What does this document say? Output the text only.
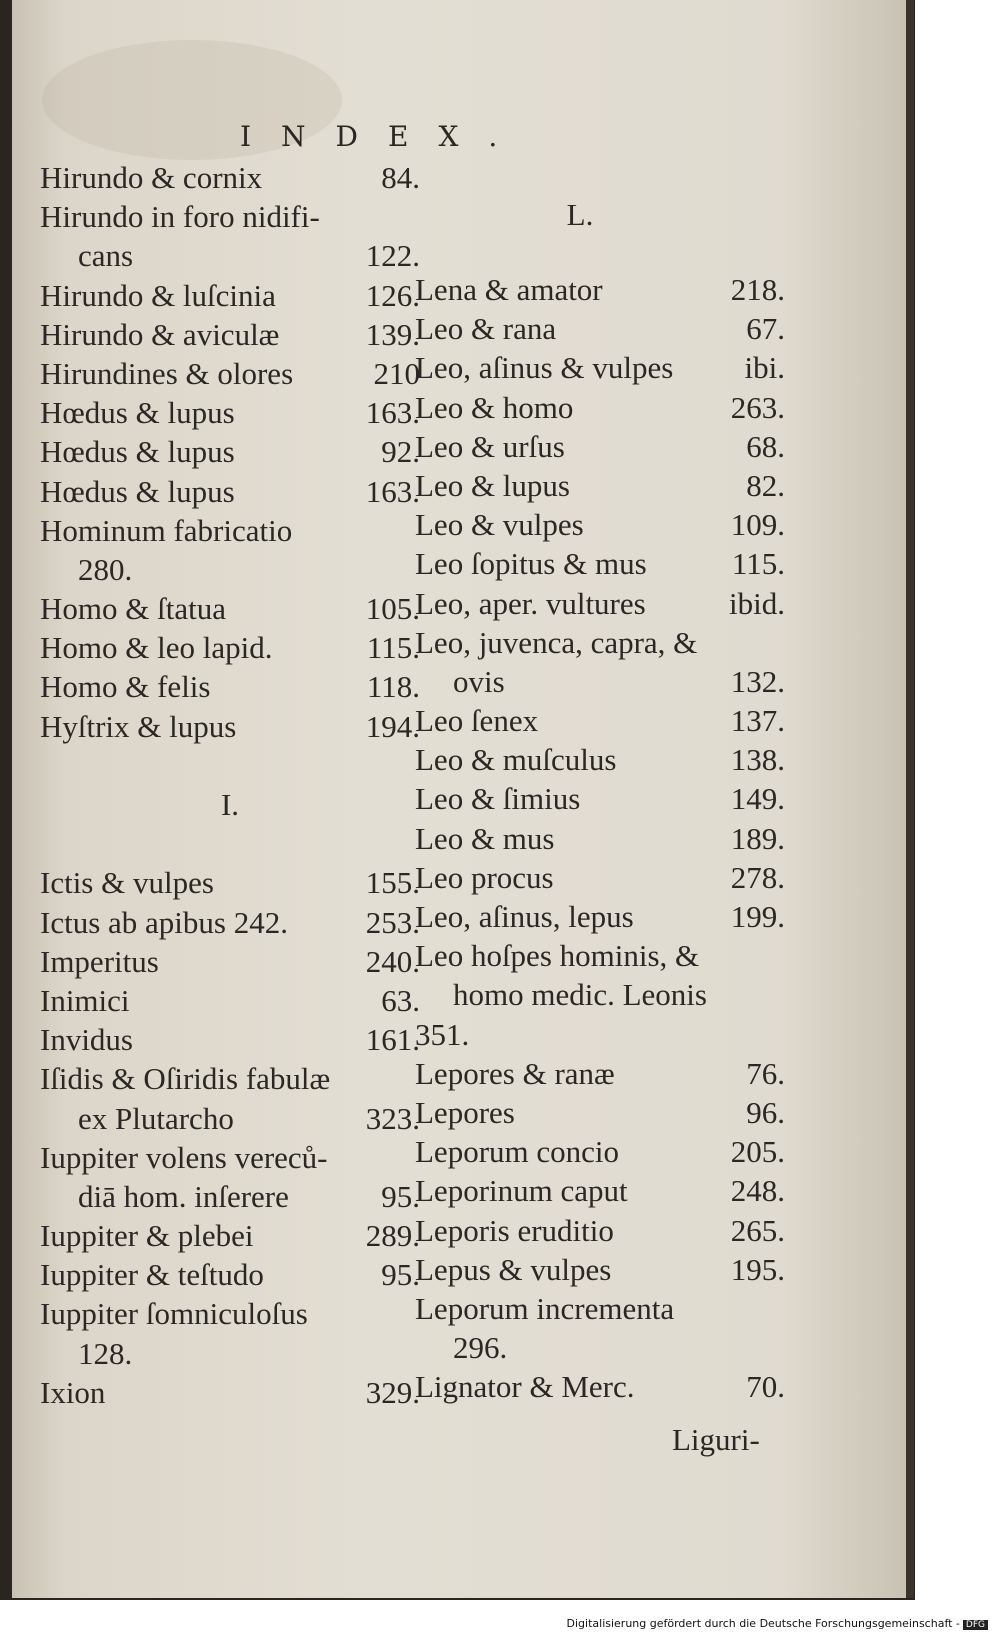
INDEX.
Hirundo & cornix	84.
Hirundo in foro nidifi-
cans	122.
Hirundo & luſcinia	126.
Hirundo & aviculæ	139.
Hirundines & olores	210
Hœdus & lupus	163.
Hœdus & lupus	92.
Hœdus & lupus	163.
Hominum fabricatio
280.
Homo & ſtatua	105.
Homo & leo lapid.	115.
Homo & felis	118.
Hyſtrix & lupus	194.
I.
Ictis & vulpes	155.
Ictus ab apibus 242.	253.
Imperitus	240.
Inimici	63.
Invidus	161.
Iſidis & Oſiridis fabulæ
ex Plutarcho	323.
Iuppiter volens vereců-
diā hom. inſerere	95.
Iuppiter & plebei	289.
Iuppiter & teſtudo	95.
Iuppiter ſomniculoſus
128.
Ixion	329.
L.
Lena & amator	218.
Leo & rana	67.
Leo, aſinus & vulpes ibi.
Leo & homo	263.
Leo & urſus	68.
Leo & lupus	82.
Leo & vulpes	109.
Leo ſopitus & mus	115.
Leo, aper. vultures	ibid.
Leo, juvenca, capra, &
ovis	132.
Leo ſenex	137.
Leo & muſculus	138.
Leo & ſimius	149.
Leo & mus	189.
Leo procus	278.
Leo, aſinus, lepus	199.
Leo hoſpes hominis, &
homo medic. Leonis
351.
Lepores & ranæ	76.
Lepores	96.
Leporum concio	205.
Leporinum caput	248.
Leporis eruditio	265.
Lepus & vulpes	195.
Leporum incrementa
296.
Lignator & Merc.	70.
Liguri-
Digitalisierung gefördert durch die Deutsche Forschungsgemeinschaft - DFG
